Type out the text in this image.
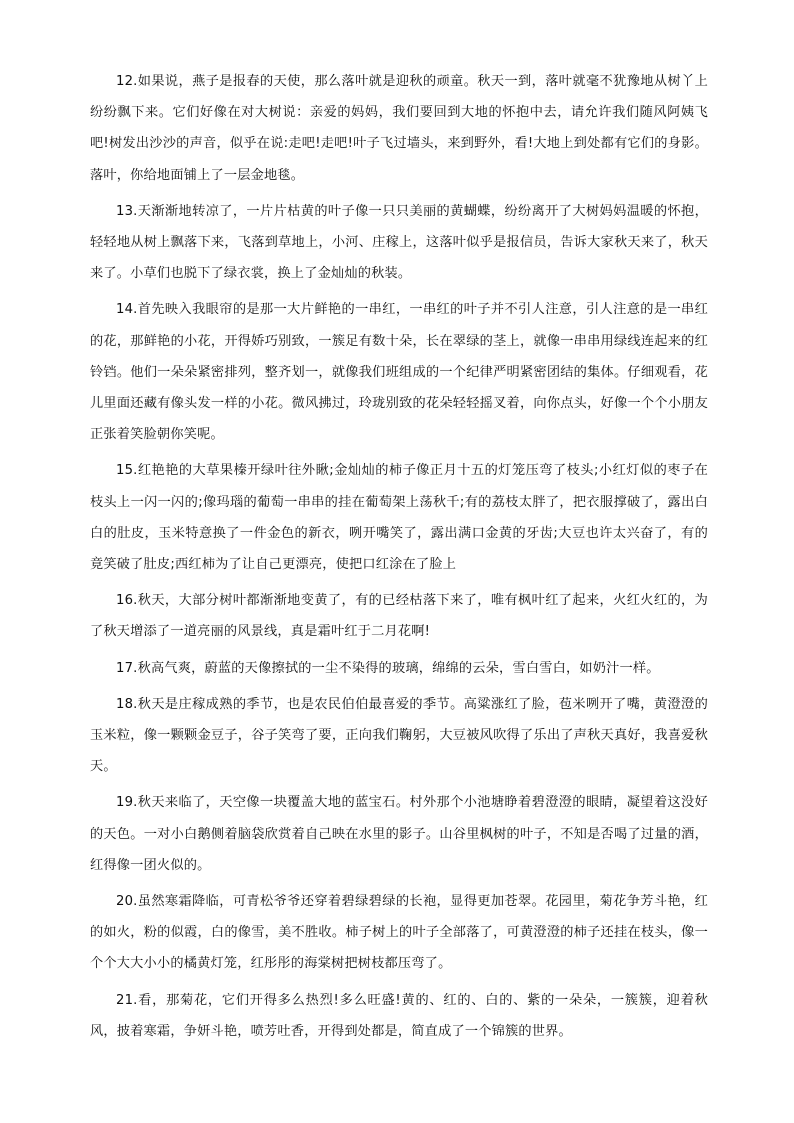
12.如果说，燕子是报春的天使，那么落叶就是迎秋的顽童。秋天一到，落叶就毫不犹豫地从树丫上纷纷飘下来。它们好像在对大树说：亲爱的妈妈，我们要回到大地的怀抱中去，请允许我们随风阿姨飞吧!树发出沙沙的声音，似乎在说:走吧!走吧!叶子飞过墙头，来到野外，看!大地上到处都有它们的身影。落叶，你给地面铺上了一层金地毯。

13.天渐渐地转凉了，一片片枯黄的叶子像一只只美丽的黄蝴蝶，纷纷离开了大树妈妈温暖的怀抱，轻轻地从树上飘落下来，飞落到草地上，小河、庄稼上，这落叶似乎是报信员，告诉大家秋天来了，秋天来了。小草们也脱下了绿衣裳，换上了金灿灿的秋装。

14.首先映入我眼帘的是那一大片鲜艳的一串红，一串红的叶子并不引人注意，引人注意的是一串红的花，那鲜艳的小花，开得娇巧别致，一簇足有数十朵，长在翠绿的茎上，就像一串串用绿线连起来的红铃铛。他们一朵朵紧密排列，整齐划一，就像我们班组成的一个纪律严明紧密团结的集体。仔细观看，花儿里面还藏有像头发一样的小花。微风拂过，玲珑别致的花朵轻轻摇叉着，向你点头，好像一个个小朋友正张着笑脸朝你笑呢。

15.红艳艳的大草果榛开绿叶往外瞅;金灿灿的柿子像正月十五的灯笼压弯了枝头;小红灯似的枣子在枝头上一闪一闪的;像玛瑙的葡萄一串串的挂在葡萄架上荡秋千;有的荔枝太胖了，把衣服撑破了，露出白白的肚皮，玉米特意换了一件金色的新衣，咧开嘴笑了，露出满口金黄的牙齿;大豆也许太兴奋了，有的竟笑破了肚皮;西红柿为了让自己更漂亮，使把口红涂在了脸上

16.秋天，大部分树叶都渐渐地变黄了，有的已经枯落下来了，唯有枫叶红了起来，火红火红的，为了秋天增添了一道亮丽的风景线，真是霜叶红于二月花啊!

17.秋高气爽，蔚蓝的天像擦拭的一尘不染得的玻璃，绵绵的云朵，雪白雪白，如奶汁一样。

18.秋天是庄稼成熟的季节，也是农民伯伯最喜爱的季节。高粱涨红了脸，苞米咧开了嘴，黄澄澄的玉米粒，像一颗颗金豆子，谷子笑弯了要，正向我们鞠躬，大豆被风吹得了乐出了声秋天真好，我喜爱秋天。

19.秋天来临了，天空像一块覆盖大地的蓝宝石。村外那个小池塘睁着碧澄澄的眼睛，凝望着这没好的天色。一对小白鹅侧着脑袋欣赏着自己映在水里的影子。山谷里枫树的叶子，不知是否喝了过量的酒，红得像一团火似的。

20.虽然寒霜降临，可青松爷爷还穿着碧绿碧绿的长袍，显得更加苍翠。花园里，菊花争芳斗艳，红的如火，粉的似霞，白的像雪，美不胜收。柿子树上的叶子全部落了，可黄澄澄的柿子还挂在枝头，像一个个大大小小的橘黄灯笼，红彤彤的海棠树把树枝都压弯了。

21.看，那菊花，它们开得多么热烈!多么旺盛!黄的、红的、白的、紫的一朵朵，一簇簇，迎着秋风，披着寒霜，争妍斗艳，喷芳吐香，开得到处都是，简直成了一个锦簇的世界。
